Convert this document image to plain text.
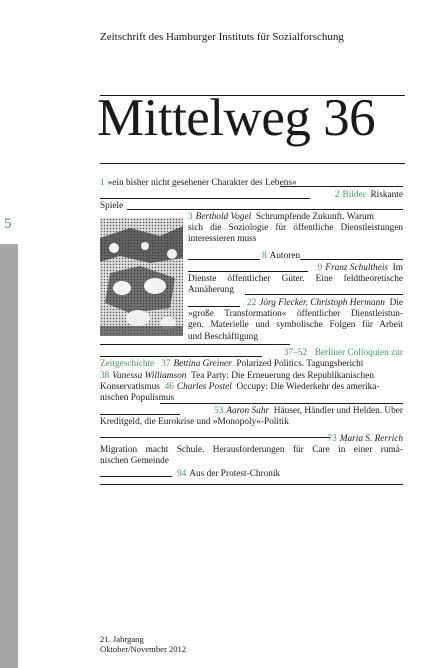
Zeitschrift des Hamburger Instituts für Sozialforschung
Mittelweg 36
5
1 »ein bisher nicht gesehener Charakter des Lebens«
2 Bilder Riskante
Spiele
3 Berthold Vogel Schrumpfende Zukunft. Warum
sich die Soziologie für öffentliche Dienstleistungen
interessieren muss
8 Autoren
9 Franz Schultheis Im
Dienste öffentlicher Güter. Eine feldtheoretische
Annäherung
22 Jörg Flecker, Christoph Hermann Die
»große Transformation« öffentlicher Dienstleistun-
gen. Materielle und symbolische Folgen für Arbeit
und Beschäftigung
37–52 Berliner Colloquien zur
Zeitgeschichte 37 Bettina Greiner Polarized Politics. Tagungsbericht
38 Vanessa Williamson Tea Party: Die Erneuerung des Republikanischen
Konservatismus 46 Charles Postel Occupy: Die Wiederkehr des amerika-
nischen Populismus
53 Aaron Sahr Häuser, Händler und Helden. Über
Kreditgeld, die Eurokrise und »Monopoly«-Politik
73 Maria S. Rerrich
Migration macht Schule. Herausforderungen für Care in einer rumä-
nischen Gemeinde
94 Aus der Protest-Chronik
21. Jahrgang
Oktober/November 2012
